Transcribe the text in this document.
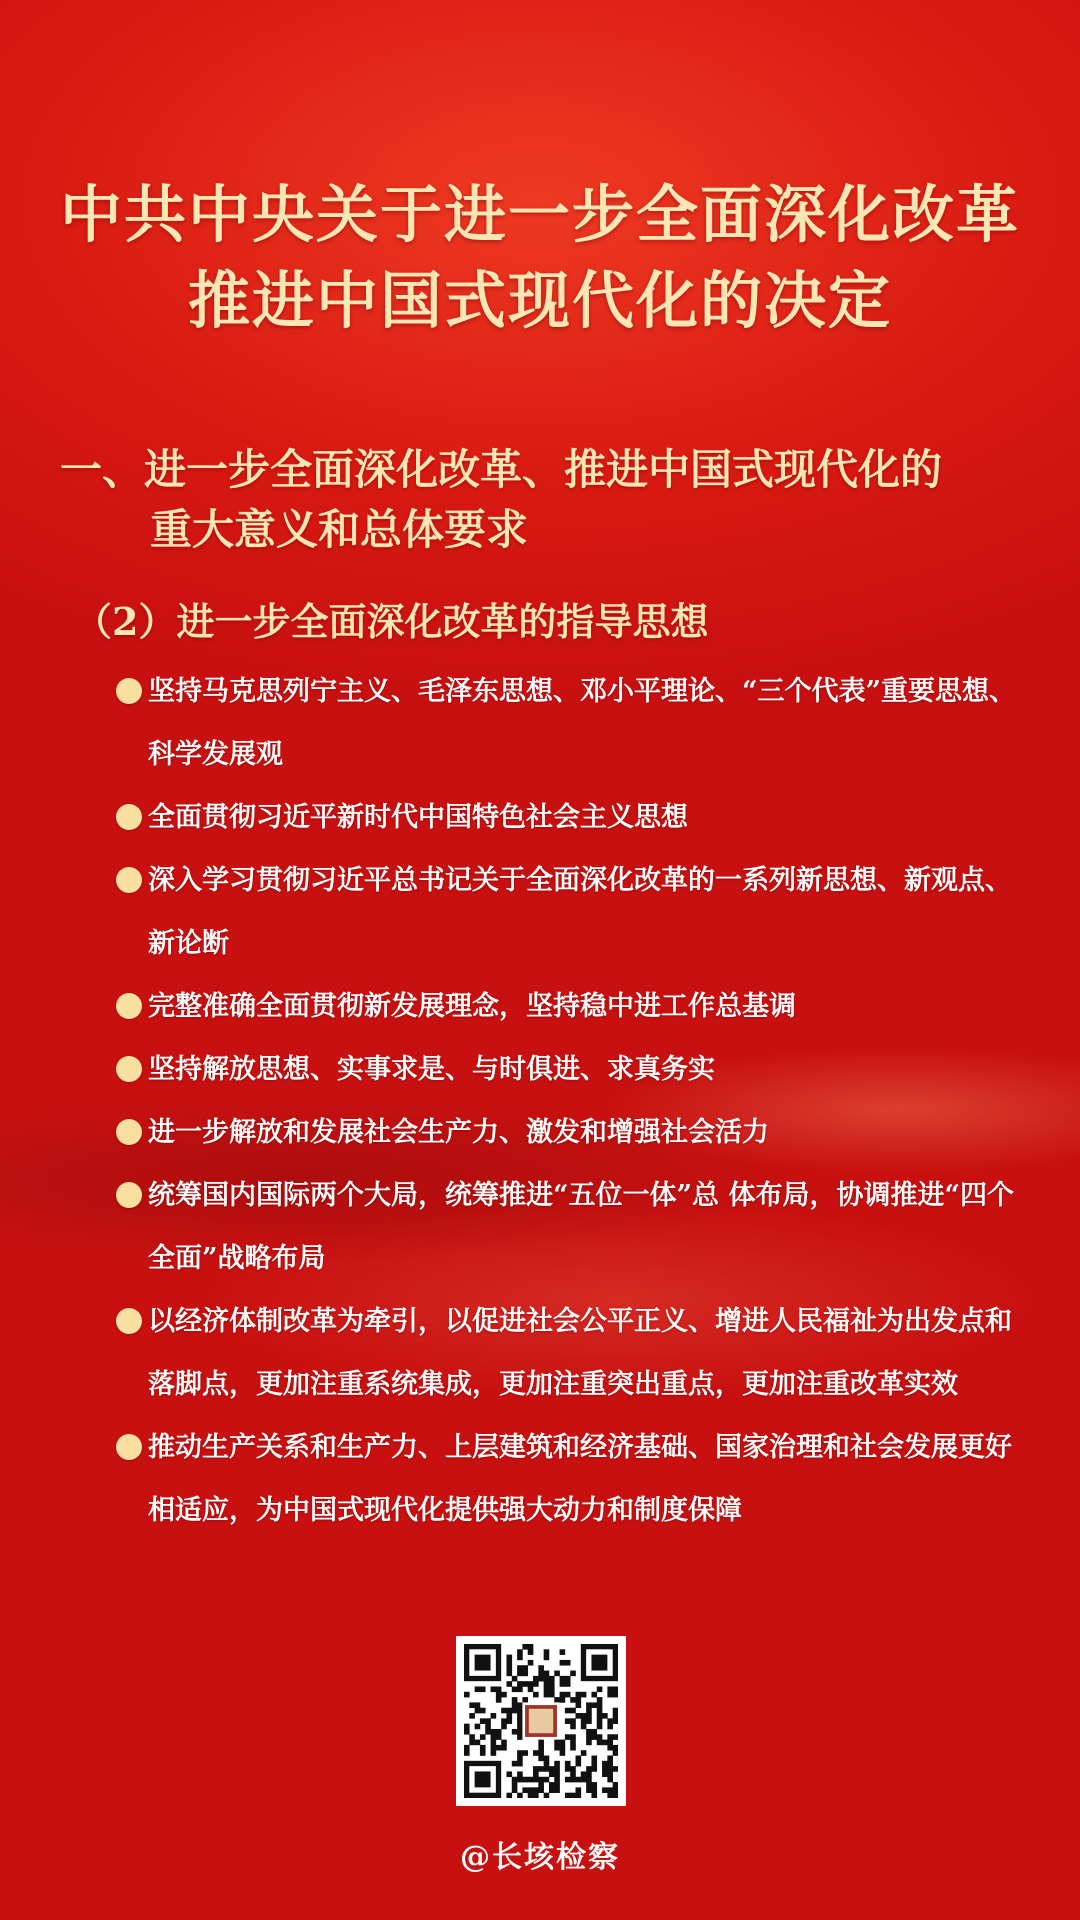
中共中央关于进一步全面深化改革
推进中国式现代化的决定
一、进一步全面深化改革、推进中国式现代化的
重大意义和总体要求
（2）进一步全面深化改革的指导思想
坚持马克思列宁主义、毛泽东思想、邓小平理论、“三个代表”重要思想、科学发展观
全面贯彻习近平新时代中国特色社会主义思想
深入学习贯彻习近平总书记关于全面深化改革的一系列新思想、新观点、新论断
完整准确全面贯彻新发展理念，坚持稳中进工作总基调
坚持解放思想、实事求是、与时俱进、求真务实
进一步解放和发展社会生产力、激发和增强社会活力
统筹国内国际两个大局，统筹推进“五位一体”总 体布局，协调推进“四个全面”战略布局
以经济体制改革为牵引，以促进社会公平正义、增进人民福祉为出发点和落脚点，更加注重系统集成，更加注重突出重点，更加注重改革实效
推动生产关系和生产力、上层建筑和经济基础、国家治理和社会发展更好相适应，为中国式现代化提供强大动力和制度保障
@长垓检察
